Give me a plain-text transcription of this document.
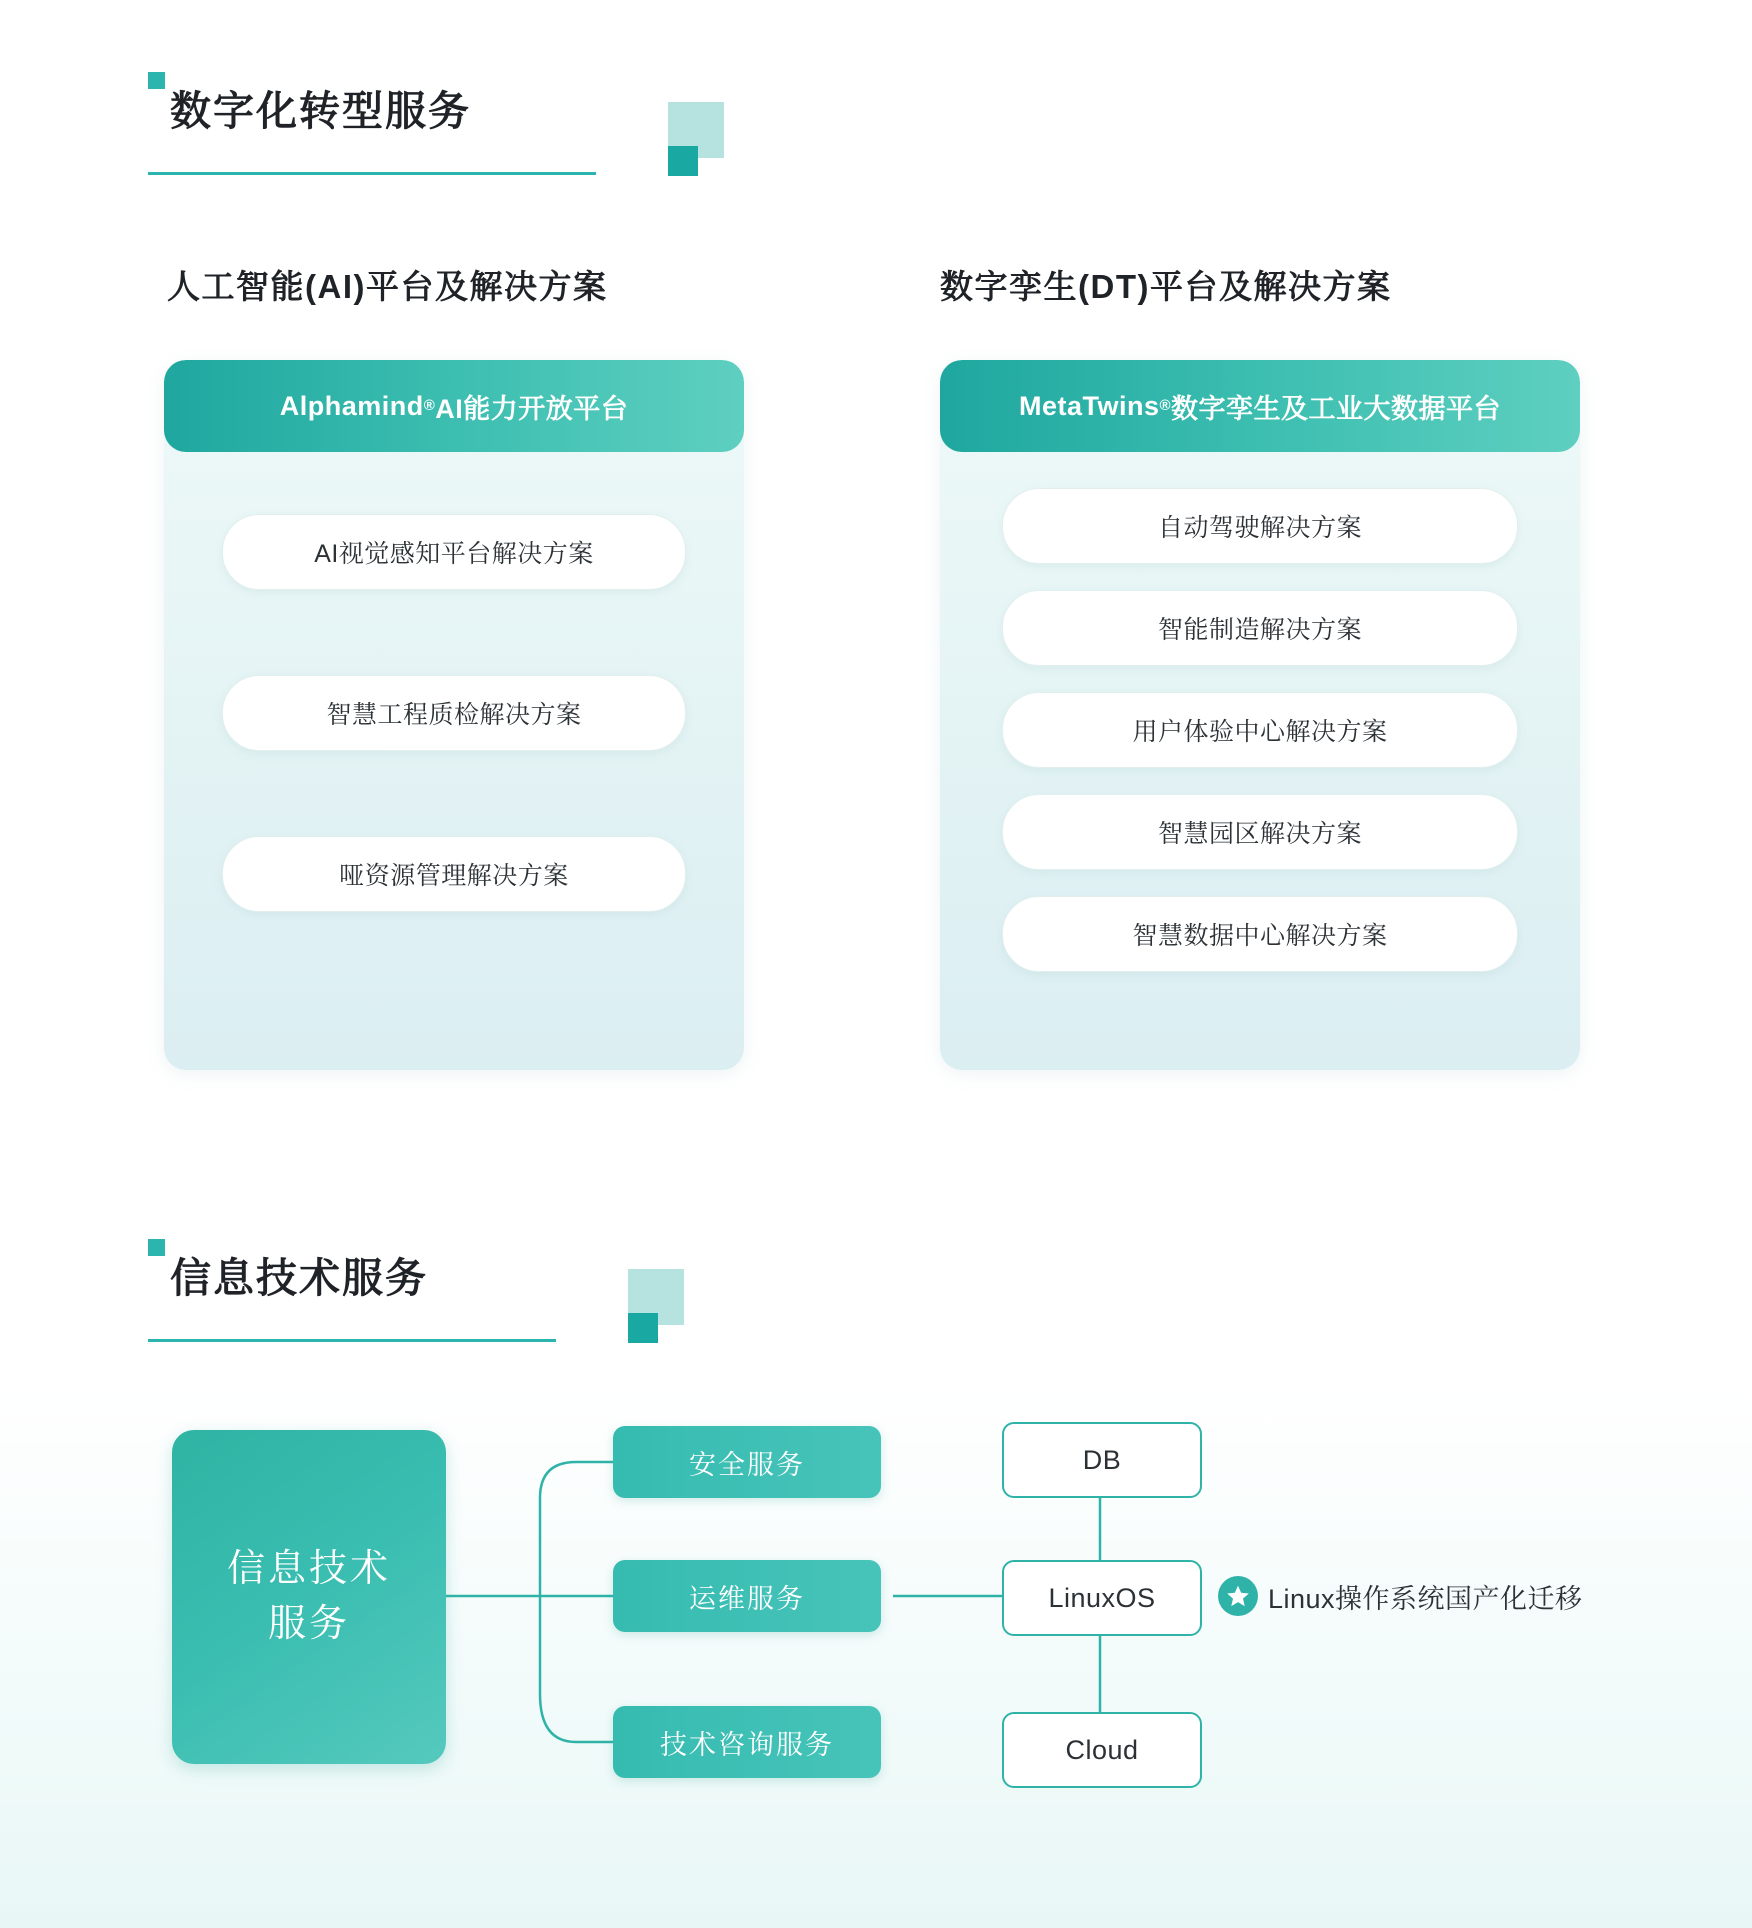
数字化转型服务
人工智能(AI)平台及解决方案	数字孪生(DT)平台及解决方案
Alphamind ® AI能力开放平台
AI视觉感知平台解决方案
智慧工程质检解决方案
哑资源管理解决方案
MetaTwins ® 数字孪生及工业大数据平台
自动驾驶解决方案
智能制造解决方案
用户体验中心解决方案
智慧园区解决方案
智慧数据中心解决方案
信息技术服务
信息技术
服务
安全服务
运维服务
技术咨询服务
DB
LinuxOS
Cloud
Linux操作系统国产化迁移
